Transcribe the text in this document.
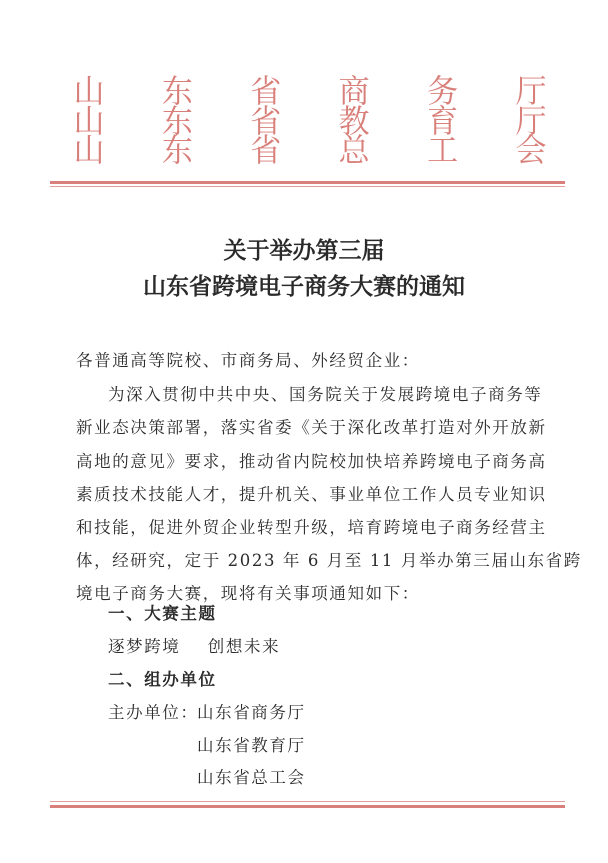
山 东 省 商 务 厅
山 东 省 教 育 厅
山 东 省 总 工 会
关于举办第三届
山东省跨境电子商务大赛的通知
各普通高等院校、市商务局、外经贸企业：
为深入贯彻中共中央、国务院关于发展跨境电子商务等
新业态决策部署，落实省委《关于深化改革打造对外开放新
高地的意见》要求，推动省内院校加快培养跨境电子商务高
素质技术技能人才，提升机关、事业单位工作人员专业知识
和技能，促进外贸企业转型升级，培育跨境电子商务经营主
体，经研究，定于 2023 年 6 月至 11 月举办第三届山东省跨
境电子商务大赛，现将有关事项通知如下：
一、大赛主题
逐梦跨境    创想未来
二、组办单位
主办单位：
山东省商务厅
山东省教育厅
山东省总工会
